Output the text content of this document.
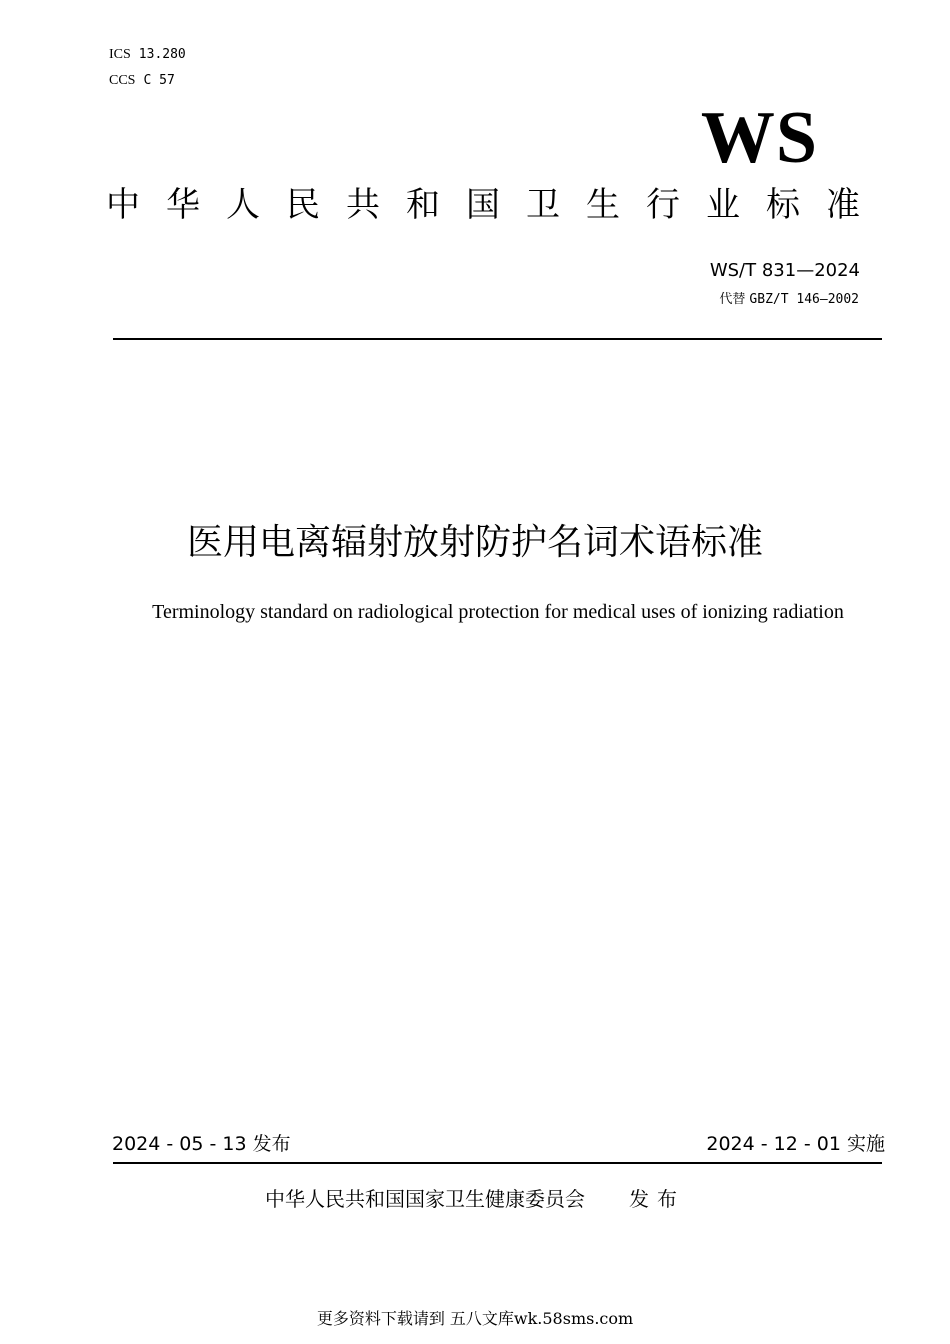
ICS 13.280
CCS C 57
WS
中华人民共和国卫生行业标准
WS/T 831—2024
代替 GBZ/T 146—2002
医用电离辐射放射防护名词术语标准
Terminology standard on radiological protection for medical uses of ionizing radiation
2024 - 05 - 13 发布	2024 - 12 - 01 实施
中华人民共和国国家卫生健康委员会 发布
更多资料下载请到 五八文库wk.58sms.com
